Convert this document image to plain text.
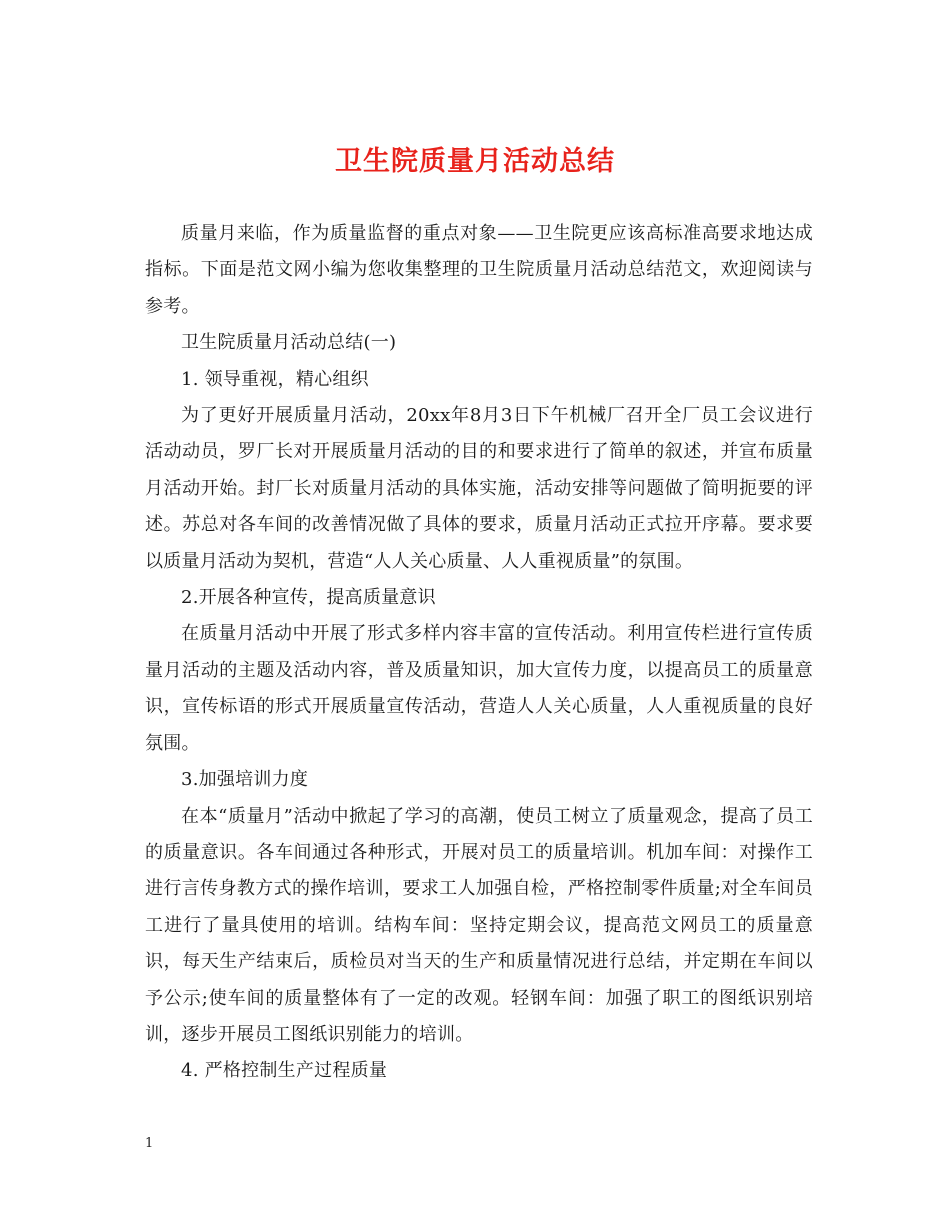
卫生院质量月活动总结

质量月来临，作为质量监督的重点对象——卫生院更应该高标准高要求地达成指标。下面是范文网小编为您收集整理的卫生院质量月活动总结范文，欢迎阅读与参考。

卫生院质量月活动总结(一)

1. 领导重视，精心组织

为了更好开展质量月活动，20xx年8月3日下午机械厂召开全厂员工会议进行活动动员，罗厂长对开展质量月活动的目的和要求进行了简单的叙述，并宣布质量月活动开始。封厂长对质量月活动的具体实施，活动安排等问题做了简明扼要的评述。苏总对各车间的改善情况做了具体的要求，质量月活动正式拉开序幕。要求要以质量月活动为契机，营造“人人关心质量、人人重视质量”的氛围。

2.开展各种宣传，提高质量意识

在质量月活动中开展了形式多样内容丰富的宣传活动。利用宣传栏进行宣传质量月活动的主题及活动内容，普及质量知识，加大宣传力度，以提高员工的质量意识，宣传标语的形式开展质量宣传活动，营造人人关心质量，人人重视质量的良好氛围。

3.加强培训力度

在本“质量月”活动中掀起了学习的高潮，使员工树立了质量观念，提高了员工的质量意识。各车间通过各种形式，开展对员工的质量培训。机加车间：对操作工进行言传身教方式的操作培训，要求工人加强自检，严格控制零件质量;对全车间员工进行了量具使用的培训。结构车间：坚持定期会议，提高范文网员工的质量意识，每天生产结束后，质检员对当天的生产和质量情况进行总结，并定期在车间以予公示;使车间的质量整体有了一定的改观。轻钢车间：加强了职工的图纸识别培训，逐步开展员工图纸识别能力的培训。

4. 严格控制生产过程质量

1
